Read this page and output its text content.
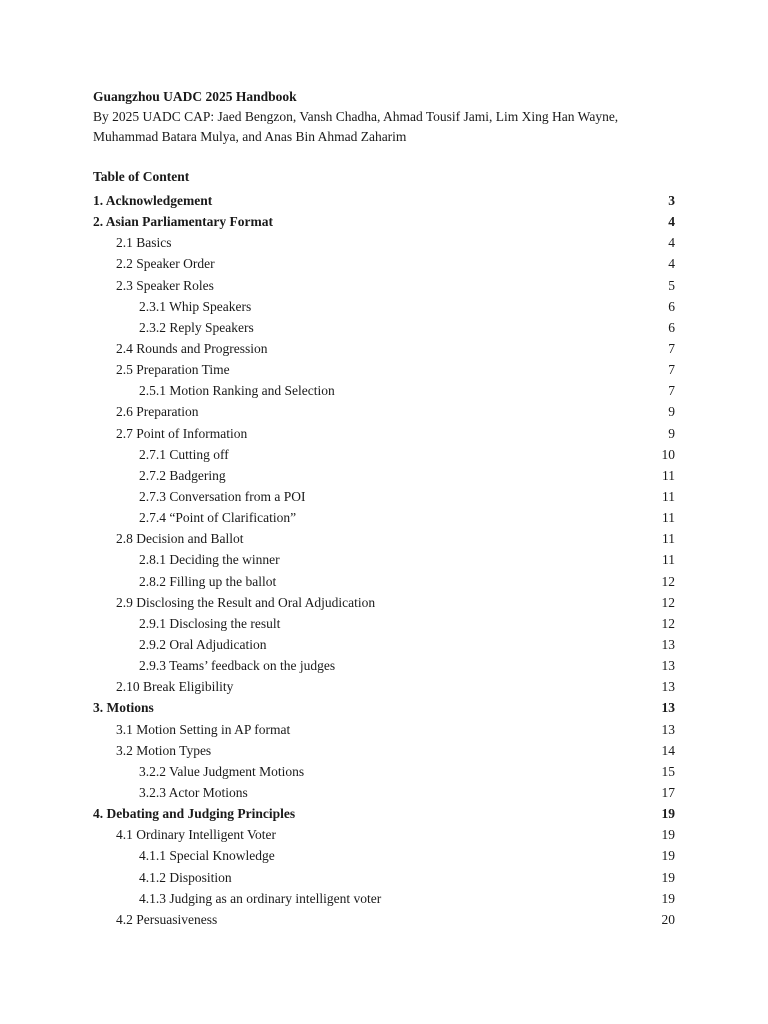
Guangzhou UADC 2025 Handbook

By 2025 UADC CAP: Jaed Bengzon, Vansh Chadha, Ahmad Tousif Jami, Lim Xing Han Wayne,

Muhammad Batara Mulya, and Anas Bin Ahmad Zaharim

Table of Content
1. Acknowledgement	3
2. Asian Parliamentary Format	4
2.1 Basics	4
2.2 Speaker Order	4
2.3 Speaker Roles	5
2.3.1 Whip Speakers	6
2.3.2 Reply Speakers	6
2.4 Rounds and Progression	7
2.5 Preparation Time	7
2.5.1 Motion Ranking and Selection	7
2.6 Preparation	9
2.7 Point of Information	9
2.7.1 Cutting off	10
2.7.2 Badgering	11
2.7.3 Conversation from a POI	11
2.7.4 “Point of Clarification”	11
2.8 Decision and Ballot	11
2.8.1 Deciding the winner	11
2.8.2 Filling up the ballot	12
2.9 Disclosing the Result and Oral Adjudication	12
2.9.1 Disclosing the result	12
2.9.2 Oral Adjudication	13
2.9.3 Teams’ feedback on the judges	13
2.10 Break Eligibility	13
3. Motions	13
3.1 Motion Setting in AP format	13
3.2 Motion Types	14
3.2.2 Value Judgment Motions	15
3.2.3 Actor Motions	17
4. Debating and Judging Principles	19
4.1 Ordinary Intelligent Voter	19
4.1.1 Special Knowledge	19
4.1.2 Disposition	19
4.1.3 Judging as an ordinary intelligent voter	19
4.2 Persuasiveness	20
